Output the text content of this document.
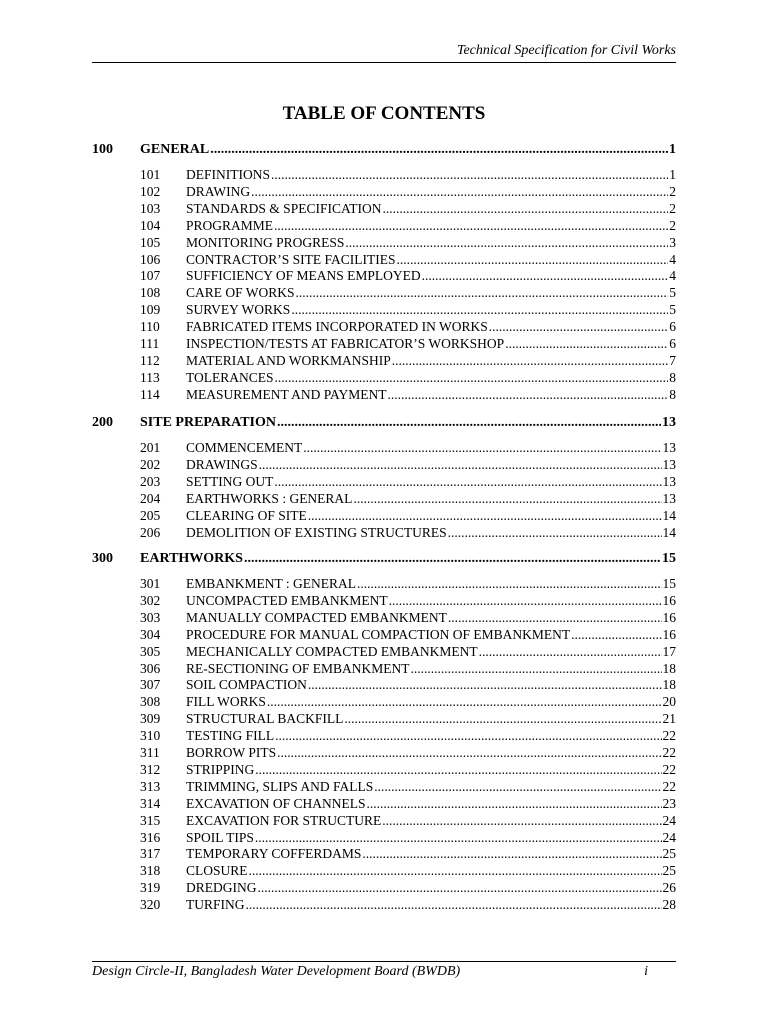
Technical Specification for Civil Works
TABLE OF CONTENTS
100 GENERAL .....	1
101 DEFINITIONS .....	1
102 DRAWING .....	2
103 STANDARDS & SPECIFICATION .....	2
104 PROGRAMME .....	2
105 MONITORING PROGRESS .....	3
106 CONTRACTOR’S SITE FACILITIES .....	4
107 SUFFICIENCY OF MEANS EMPLOYED .....	4
108 CARE OF WORKS .....	5
109 SURVEY WORKS .....	5
110 FABRICATED ITEMS INCORPORATED IN WORKS .....	6
111 INSPECTION/TESTS AT FABRICATOR’S WORKSHOP .....	6
112 MATERIAL AND WORKMANSHIP .....	7
113 TOLERANCES .....	8
114 MEASUREMENT AND PAYMENT .....	8
200 SITE PREPARATION .....	13
201 COMMENCEMENT .....	13
202 DRAWINGS .....	13
203 SETTING OUT .....	13
204 EARTHWORKS : GENERAL .....	13
205 CLEARING OF SITE .....	14
206 DEMOLITION OF EXISTING STRUCTURES .....	14
300 EARTHWORKS .....	15
301 EMBANKMENT : GENERAL .....	15
302 UNCOMPACTED EMBANKMENT .....	16
303 MANUALLY COMPACTED EMBANKMENT .....	16
304 PROCEDURE FOR MANUAL COMPACTION OF EMBANKMENT .....	16
305 MECHANICALLY COMPACTED EMBANKMENT .....	17
306 RE-SECTIONING OF EMBANKMENT .....	18
307 SOIL COMPACTION .....	18
308 FILL WORKS .....	20
309 STRUCTURAL BACKFILL .....	21
310 TESTING FILL .....	22
311 BORROW PITS .....	22
312 STRIPPING .....	22
313 TRIMMING, SLIPS AND FALLS .....	22
314 EXCAVATION OF CHANNELS .....	23
315 EXCAVATION FOR STRUCTURE .....	24
316 SPOIL TIPS .....	24
317 TEMPORARY COFFERDAMS .....	25
318 CLOSURE .....	25
319 DREDGING .....	26
320 TURFING .....	28
Design Circle-II, Bangladesh Water Development Board (BWDB)	i
